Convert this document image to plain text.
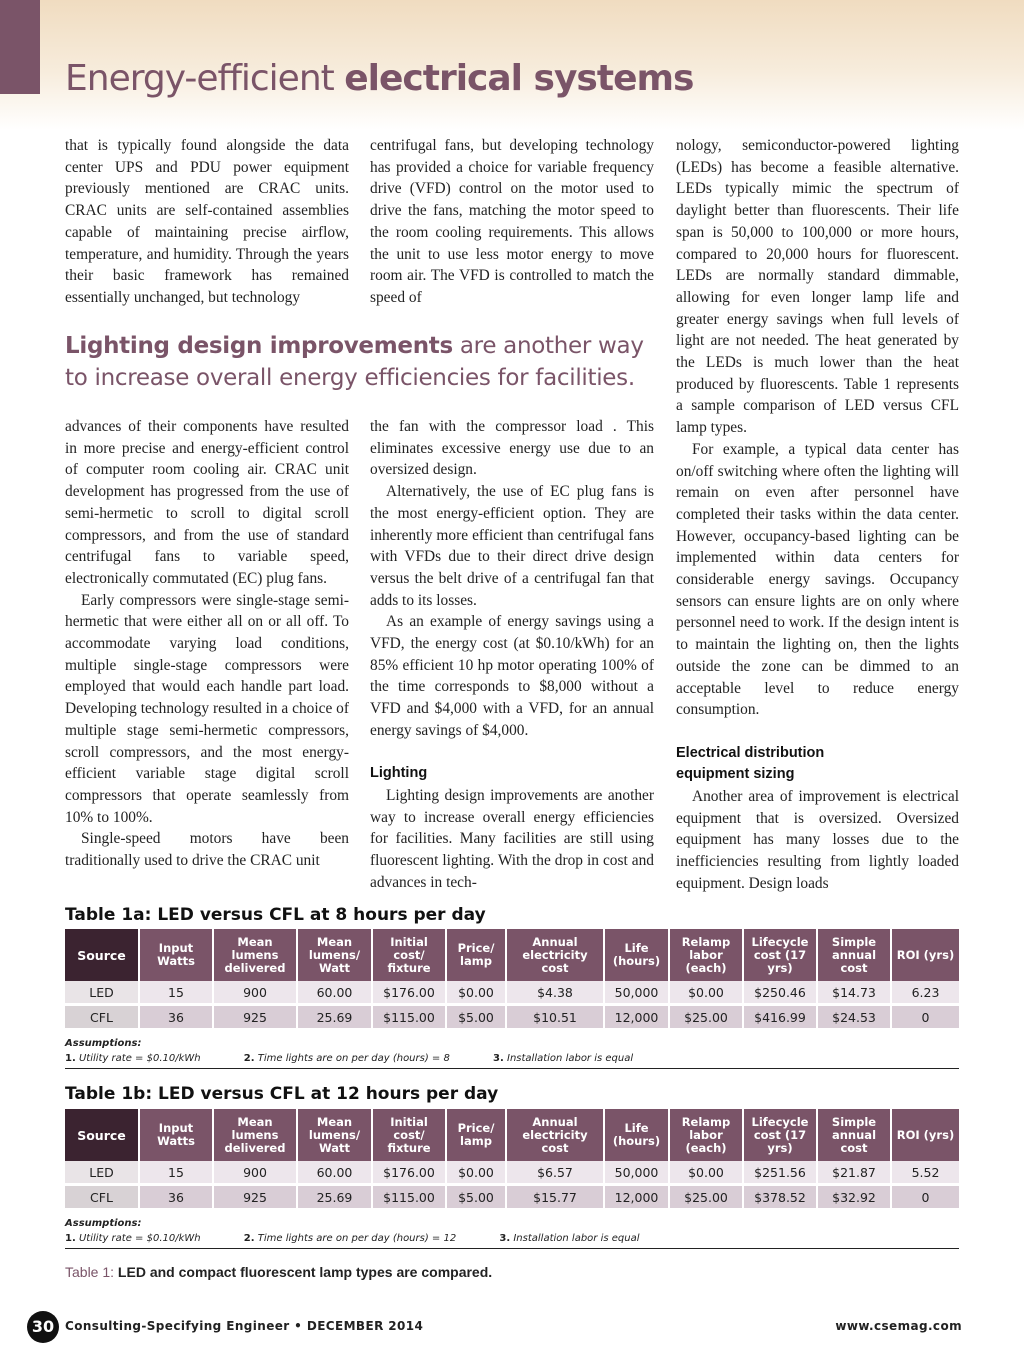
Energy-efficient electrical systems

that is typically found alongside the data center UPS and PDU power equipment previously mentioned are CRAC units. CRAC units are self-contained assemblies capable of maintaining precise airflow, temperature, and humidity. Through the years their basic framework has remained essentially unchanged, but technology

centrifugal fans, but developing technology has provided a choice for variable frequency drive (VFD) control on the motor used to drive the fans, matching the motor speed to the room cooling requirements. This allows the unit to use less motor energy to move room air. The VFD is controlled to match the speed of

Lighting design improvements are another way to increase overall energy efficiencies for facilities.

advances of their components have resulted in more precise and energy-efficient control of computer room cooling air. CRAC unit development has progressed from the use of semi-hermetic to scroll to digital scroll compressors, and from the use of standard centrifugal fans to variable speed, electronically commutated (EC) plug fans.

Early compressors were single-stage semi-hermetic that were either all on or all off. To accommodate varying load conditions, multiple single-stage compressors were employed that would each handle part load. Developing technology resulted in a choice of multiple stage semi-hermetic compressors, scroll compressors, and the most energy-efficient variable stage digital scroll compressors that operate seamlessly from 10% to 100%.

Single-speed motors have been traditionally used to drive the CRAC unit

the fan with the compressor load . This eliminates excessive energy use due to an oversized design.

Alternatively, the use of EC plug fans is the most energy-efficient option. They are inherently more efficient than centrifugal fans with VFDs due to their direct drive design versus the belt drive of a centrifugal fan that adds to its losses.

As an example of energy savings using a VFD, the energy cost (at $0.10/kWh) for an 85% efficient 10 hp motor operating 100% of the time corresponds to $8,000 without a VFD and $4,000 with a VFD, for an annual energy savings of $4,000.

Lighting

Lighting design improvements are another way to increase overall energy efficiencies for facilities. Many facilities are still using fluorescent lighting. With the drop in cost and advances in tech-

nology, semiconductor-powered lighting (LEDs) has become a feasible alternative. LEDs typically mimic the spectrum of daylight better than fluorescents. Their life span is 50,000 to 100,000 or more hours, compared to 20,000 hours for fluorescent. LEDs are normally standard dimmable, allowing for even longer lamp life and greater energy savings when full levels of light are not needed. The heat generated by the LEDs is much lower than the heat produced by fluorescents. Table 1 represents a sample comparison of LED versus CFL lamp types.

For example, a typical data center has on/off switching where often the lighting will remain on even after personnel have completed their tasks within the data center. However, occupancy-based lighting can be implemented within data centers for considerable energy savings. Occupancy sensors can ensure lights are on only where personnel need to work. If the design intent is to maintain the lighting on, then the lights outside the zone can be dimmed to an acceptable level to reduce energy consumption.

Electrical distribution
equipment sizing

Another area of improvement is electrical equipment that is oversized. Oversized equipment has many losses due to the inefficiencies resulting from lightly loaded equipment. Design loads

Table 1a: LED versus CFL at 8 hours per day
Source	Input Watts	Mean lumens delivered	Mean lumens/ Watt	Initial cost/ fixture	Price/ lamp	Annual electricity cost	Life (hours)	Relamp labor (each)	Lifecycle cost (17 yrs)	Simple annual cost	ROI (yrs)
LED	15	900	60.00	$176.00	$0.00	$4.38	50,000	$0.00	$250.46	$14.73	6.23
CFL	36	925	25.69	$115.00	$5.00	$10.51	12,000	$25.00	$416.99	$24.53	0
Assumptions:
1. Utility rate = $0.10/kWh	2. Time lights are on per day (hours) = 8	3. Installation labor is equal
Table 1b: LED versus CFL at 12 hours per day
Source	Input Watts	Mean lumens delivered	Mean lumens/ Watt	Initial cost/ fixture	Price/ lamp	Annual electricity cost	Life (hours)	Relamp labor (each)	Lifecycle cost (17 yrs)	Simple annual cost	ROI (yrs)
LED	15	900	60.00	$176.00	$0.00	$6.57	50,000	$0.00	$251.56	$21.87	5.52
CFL	36	925	25.69	$115.00	$5.00	$15.77	12,000	$25.00	$378.52	$32.92	0
Assumptions:
1. Utility rate = $0.10/kWh	2. Time lights are on per day (hours) = 12	3. Installation labor is equal
Table 1: LED and compact fluorescent lamp types are compared.
30 Consulting-Specifying Engineer • DECEMBER 2014	www.csemag.com
